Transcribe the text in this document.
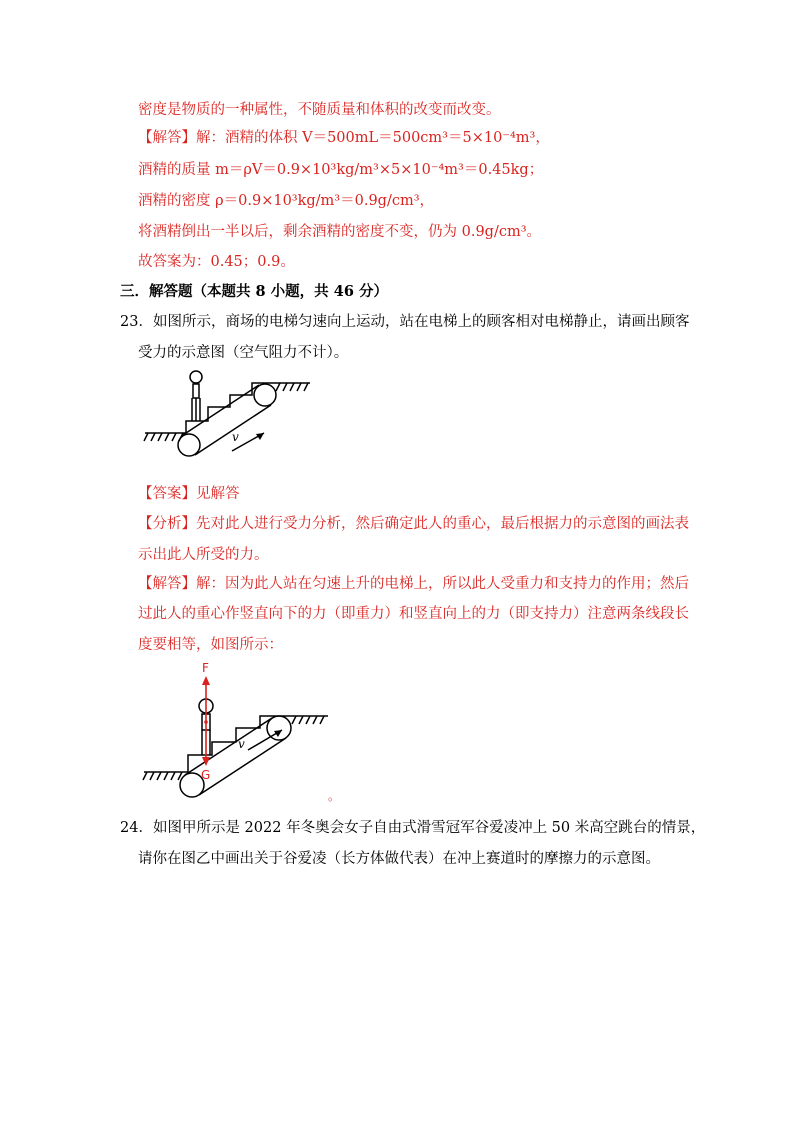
密度是物质的一种属性，不随质量和体积的改变而改变。
【解答】解：酒精的体积 V＝500mL＝500cm³＝5×10⁻⁴m³，
酒精的质量 m＝ρV＝0.9×10³kg/m³×5×10⁻⁴m³＝0.45kg；
酒精的密度 ρ＝0.9×10³kg/m³＝0.9g/cm³，
将酒精倒出一半以后，剩余酒精的密度不变，仍为 0.9g/cm³。
故答案为：0.45；0.9。
三．解答题（本题共 8 小题，共 46 分）
23．如图所示，商场的电梯匀速向上运动，站在电梯上的顾客相对电梯静止，请画出顾客
受力的示意图（空气阻力不计）。
v
【答案】见解答
【分析】先对此人进行受力分析，然后确定此人的重心，最后根据力的示意图的画法表
示出此人所受的力。
【解答】解：因为此人站在匀速上升的电梯上，所以此人受重力和支持力的作用；然后
过此人的重心作竖直向下的力（即重力）和竖直向上的力（即支持力）注意两条线段长
度要相等，如图所示：
v
F
G
。
24．如图甲所示是 2022 年冬奥会女子自由式滑雪冠军谷爱凌冲上 50 米高空跳台的情景，
请你在图乙中画出关于谷爱凌（长方体做代表）在冲上赛道时的摩擦力的示意图。
